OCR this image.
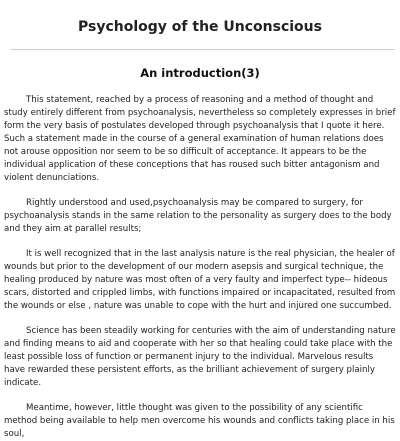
Psychology of the Unconscious
An introduction(3)

This statement, reached by a process of reasoning and a method of thought and study entirely different from psychoanalysis, nevertheless so completely expresses in brief form the very basis of postulates developed through psychoanalysis that I quote it here. Such a statement made in the course of a general examination of human relations does not arouse opposition nor seem to be so difficult of acceptance. It appears to be the individual application of these conceptions that has roused such bitter antagonism and violent denunciations.

Rightly understood and used,psychoanalysis may be compared to surgery, for psychoanalysis stands in the same relation to the personality as surgery does to the body and they aim at parallel results;

It is well recognized that in the last analysis nature is the real physician, the healer of wounds but prior to the development of our modern asepsis and surgical technique, the healing produced by nature was most often of a very faulty and imperfect type-- hideous scars, distorted and crippled limbs, with functions impaired or incapacitated, resulted from the wounds or else , nature was unable to cope with the hurt and injured one succumbed.

Science has been steadily working for centuries with the aim of understanding nature and finding means to aid and cooperate with her so that healing could take place with the least possible loss of function or permanent injury to the individual. Marvelous results have rewarded these persistent efforts, as the brilliant achievement of surgery plainly indicate.

Meantime, however, little thought was given to the possibility of any scientific method being available to help men overcome his wounds and conflicts taking place in his soul,
